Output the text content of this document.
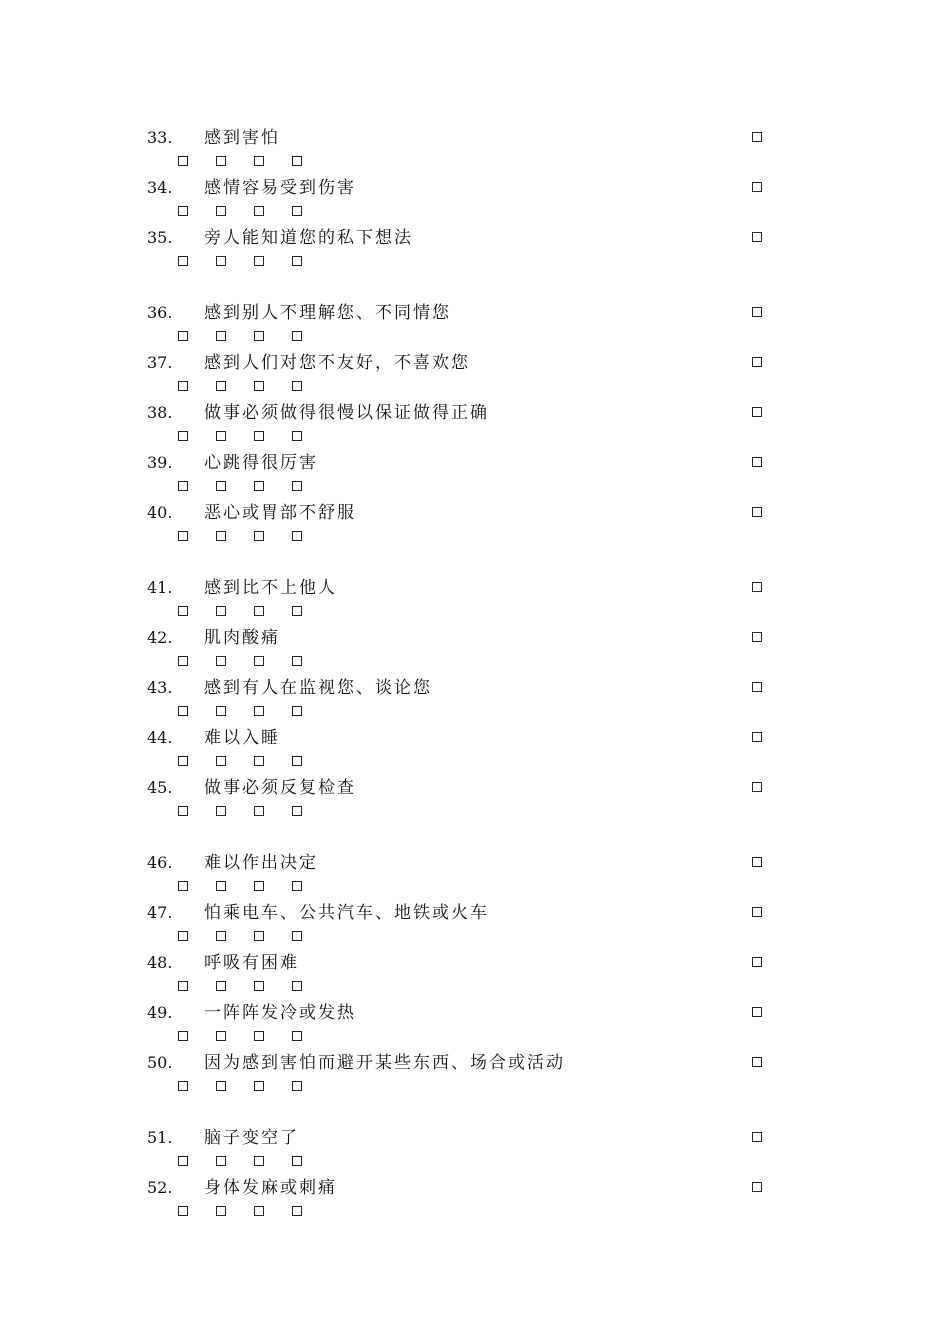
33. 感到害怕
34. 感情容易受到伤害
35. 旁人能知道您的私下想法
36. 感到别人不理解您、不同情您
37. 感到人们对您不友好，不喜欢您
38. 做事必须做得很慢以保证做得正确
39. 心跳得很厉害
40. 恶心或胃部不舒服
41. 感到比不上他人
42. 肌肉酸痛
43. 感到有人在监视您、谈论您
44. 难以入睡
45. 做事必须反复检查
46. 难以作出决定
47. 怕乘电车、公共汽车、地铁或火车
48. 呼吸有困难
49. 一阵阵发冷或发热
50. 因为感到害怕而避开某些东西、场合或活动
51. 脑子变空了
52. 身体发麻或刺痛
